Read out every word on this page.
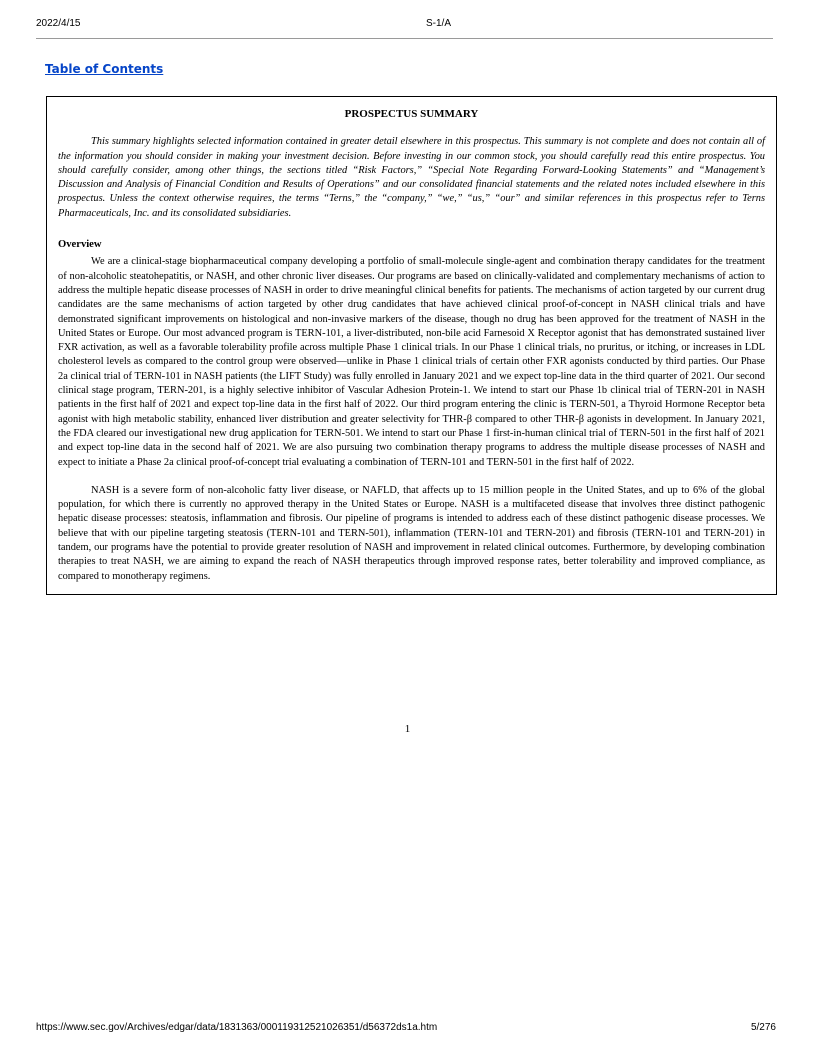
2022/4/15	S-1/A
Table of Contents
PROSPECTUS SUMMARY

This summary highlights selected information contained in greater detail elsewhere in this prospectus. This summary is not complete and does not contain all of the information you should consider in making your investment decision. Before investing in our common stock, you should carefully read this entire prospectus. You should carefully consider, among other things, the sections titled “Risk Factors,” “Special Note Regarding Forward-Looking Statements” and “Management’s Discussion and Analysis of Financial Condition and Results of Operations” and our consolidated financial statements and the related notes included elsewhere in this prospectus. Unless the context otherwise requires, the terms “Terns,” the “company,” “we,” “us,” “our” and similar references in this prospectus refer to Terns Pharmaceuticals, Inc. and its consolidated subsidiaries.

Overview

We are a clinical-stage biopharmaceutical company developing a portfolio of small-molecule single-agent and combination therapy candidates for the treatment of non-alcoholic steatohepatitis, or NASH, and other chronic liver diseases. Our programs are based on clinically-validated and complementary mechanisms of action to address the multiple hepatic disease processes of NASH in order to drive meaningful clinical benefits for patients. The mechanisms of action targeted by our current drug candidates are the same mechanisms of action targeted by other drug candidates that have achieved clinical proof-of-concept in NASH clinical trials and have demonstrated significant improvements on histological and non-invasive markers of the disease, though no drug has been approved for the treatment of NASH in the United States or Europe. Our most advanced program is TERN-101, a liver-distributed, non-bile acid Farnesoid X Receptor agonist that has demonstrated sustained liver FXR activation, as well as a favorable tolerability profile across multiple Phase 1 clinical trials. In our Phase 1 clinical trials, no pruritus, or itching, or increases in LDL cholesterol levels as compared to the control group were observed—unlike in Phase 1 clinical trials of certain other FXR agonists conducted by third parties. Our Phase 2a clinical trial of TERN-101 in NASH patients (the LIFT Study) was fully enrolled in January 2021 and we expect top-line data in the third quarter of 2021. Our second clinical stage program, TERN-201, is a highly selective inhibitor of Vascular Adhesion Protein-1. We intend to start our Phase 1b clinical trial of TERN-201 in NASH patients in the first half of 2021 and expect top-line data in the first half of 2022. Our third program entering the clinic is TERN-501, a Thyroid Hormone Receptor beta agonist with high metabolic stability, enhanced liver distribution and greater selectivity for THR-β compared to other THR-β agonists in development. In January 2021, the FDA cleared our investigational new drug application for TERN-501. We intend to start our Phase 1 first-in-human clinical trial of TERN-501 in the first half of 2021 and expect top-line data in the second half of 2021. We are also pursuing two combination therapy programs to address the multiple disease processes of NASH and expect to initiate a Phase 2a clinical proof-of-concept trial evaluating a combination of TERN-101 and TERN-501 in the first half of 2022.

NASH is a severe form of non-alcoholic fatty liver disease, or NAFLD, that affects up to 15 million people in the United States, and up to 6% of the global population, for which there is currently no approved therapy in the United States or Europe. NASH is a multifaceted disease that involves three distinct pathogenic hepatic disease processes: steatosis, inflammation and fibrosis. Our pipeline of programs is intended to address each of these distinct pathogenic disease processes. We believe that with our pipeline targeting steatosis (TERN-101 and TERN-501), inflammation (TERN-101 and TERN-201) and fibrosis (TERN-101 and TERN-201) in tandem, our programs have the potential to provide greater resolution of NASH and improvement in related clinical outcomes. Furthermore, by developing combination therapies to treat NASH, we are aiming to expand the reach of NASH therapeutics through improved response rates, better tolerability and improved compliance, as compared to monotherapy regimens.

1
https://www.sec.gov/Archives/edgar/data/1831363/000119312521026351/d56372ds1a.htm	5/276
